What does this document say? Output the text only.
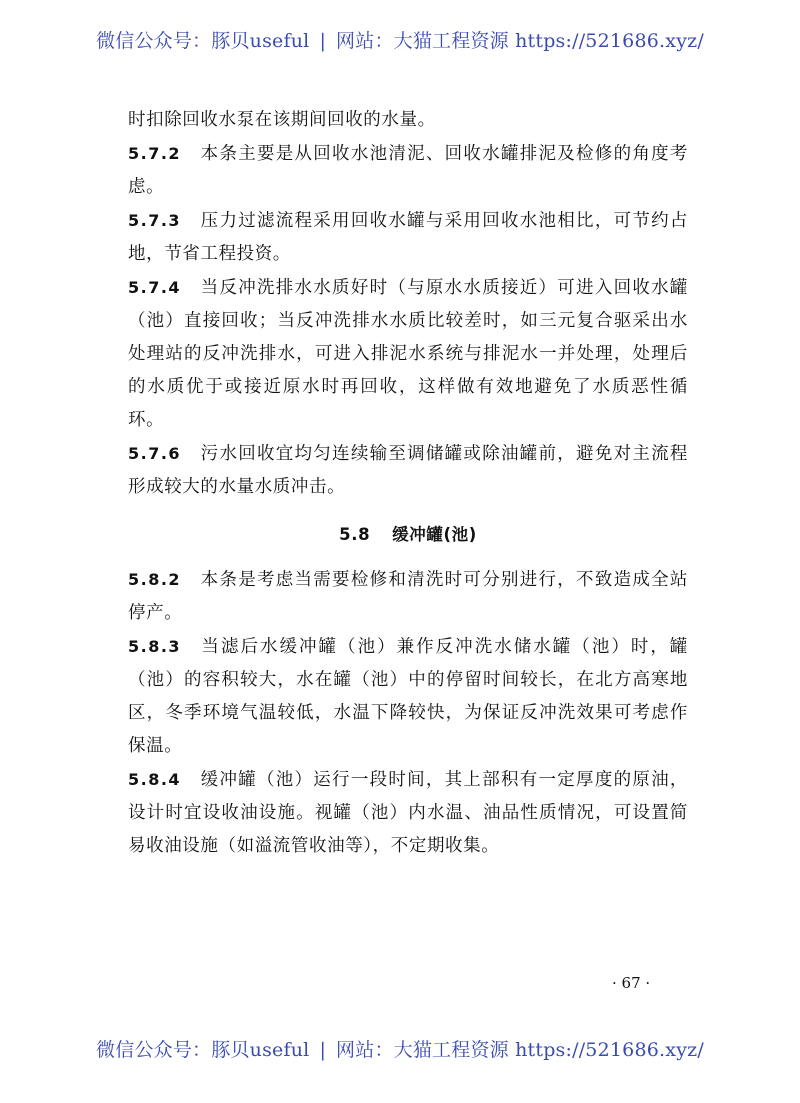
微信公众号：豚贝useful | 网站：大猫工程资源 https://521686.xyz/

时扣除回收水泵在该期间回收的水量。

5.7.2 本条主要是从回收水池清泥、回收水罐排泥及检修的角度考虑。

5.7.3 压力过滤流程采用回收水罐与采用回收水池相比，可节约占地，节省工程投资。

5.7.4 当反冲洗排水水质好时（与原水水质接近）可进入回收水罐（池）直接回收；当反冲洗排水水质比较差时，如三元复合驱采出水处理站的反冲洗排水，可进入排泥水系统与排泥水一并处理，处理后的水质优于或接近原水时再回收，这样做有效地避免了水质恶性循环。

5.7.6 污水回收宜均匀连续输至调储罐或除油罐前，避免对主流程形成较大的水量水质冲击。

5.8 缓冲罐(池)

5.8.2 本条是考虑当需要检修和清洗时可分别进行，不致造成全站停产。

5.8.3 当滤后水缓冲罐（池）兼作反冲洗水储水罐（池）时，罐（池）的容积较大，水在罐（池）中的停留时间较长，在北方高寒地区，冬季环境气温较低，水温下降较快，为保证反冲洗效果可考虑作保温。

5.8.4 缓冲罐（池）运行一段时间，其上部积有一定厚度的原油，设计时宜设收油设施。视罐（池）内水温、油品性质情况，可设置简易收油设施（如溢流管收油等），不定期收集。

· 67 ·
微信公众号：豚贝useful | 网站：大猫工程资源 https://521686.xyz/
